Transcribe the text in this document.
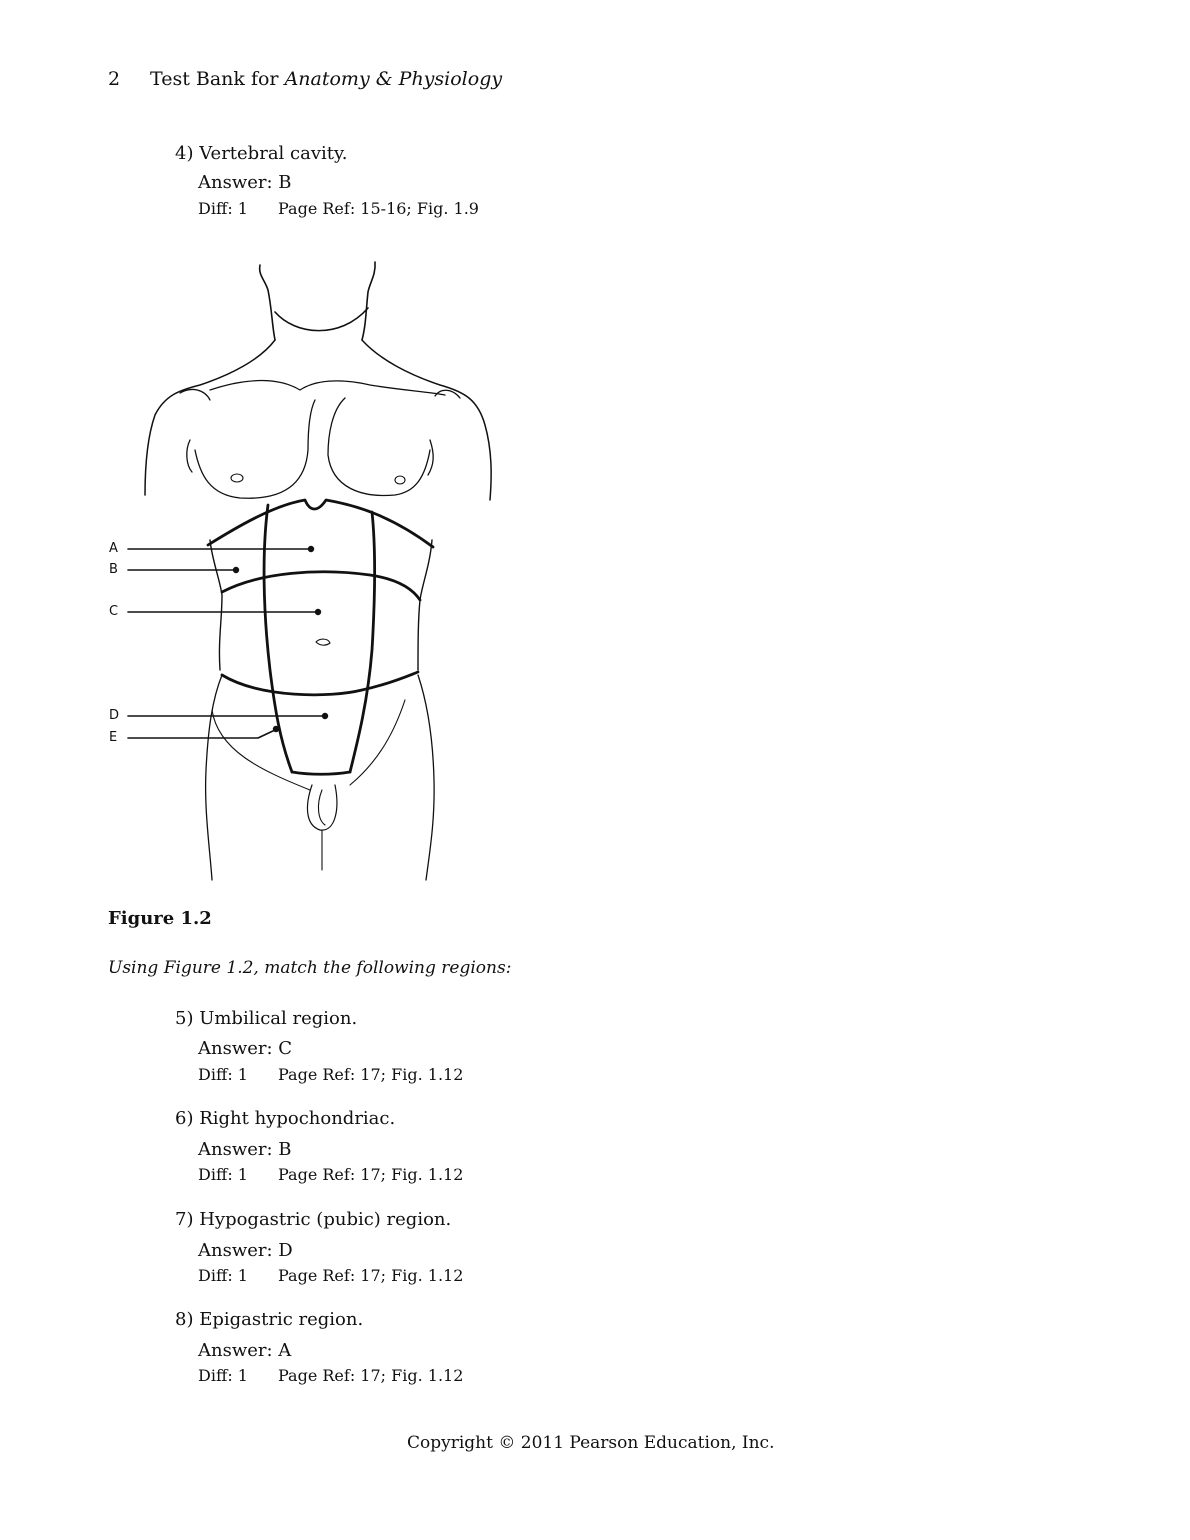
2 Test Bank for Anatomy & Physiology
4) Vertebral cavity.
Answer: B
Diff: 1 Page Ref: 15-16; Fig. 1.9
A
B
C
D
E
Figure 1.2
Using Figure 1.2, match the following regions:
5) Umbilical region.
Answer: C
Diff: 1 Page Ref: 17; Fig. 1.12
6) Right hypochondriac.
Answer: B
Diff: 1 Page Ref: 17; Fig. 1.12
7) Hypogastric (pubic) region.
Answer: D
Diff: 1 Page Ref: 17; Fig. 1.12
8) Epigastric region.
Answer: A
Diff: 1 Page Ref: 17; Fig. 1.12
Copyright © 2011 Pearson Education, Inc.
